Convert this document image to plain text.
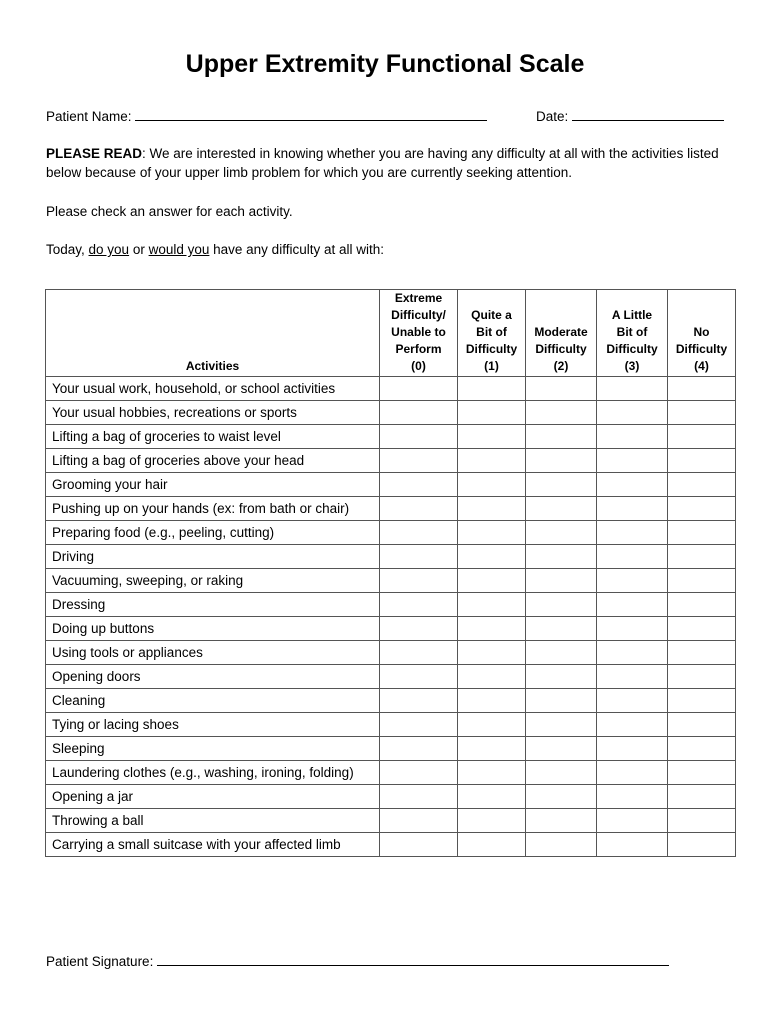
Upper Extremity Functional Scale
Patient Name:	Date:
PLEASE READ: We are interested in knowing whether you are having any difficulty at all with the activities listed below because of your upper limb problem for which you are currently seeking attention.
Please check an answer for each activity.
Today, do you or would you have any difficulty at all with:
Activities	Extreme
Difficulty/
Unable to
Perform
(0)	Quite a
Bit of
Difficulty
(1)	Moderate
Difficulty
(2)	A Little
Bit of
Difficulty
(3)	No
Difficulty
(4)

Your usual work, household, or school activities					
Your usual hobbies, recreations or sports					
Lifting a bag of groceries to waist level					
Lifting a bag of groceries above your head					
Grooming your hair					
Pushing up on your hands (ex: from bath or chair)					
Preparing food (e.g., peeling, cutting)					
Driving					
Vacuuming, sweeping, or raking					
Dressing					
Doing up buttons					
Using tools or appliances					
Opening doors					
Cleaning					
Tying or lacing shoes					
Sleeping					
Laundering clothes (e.g., washing, ironing, folding)					
Opening a jar					
Throwing a ball					
Carrying a small suitcase with your affected limb					
Patient Signature:
